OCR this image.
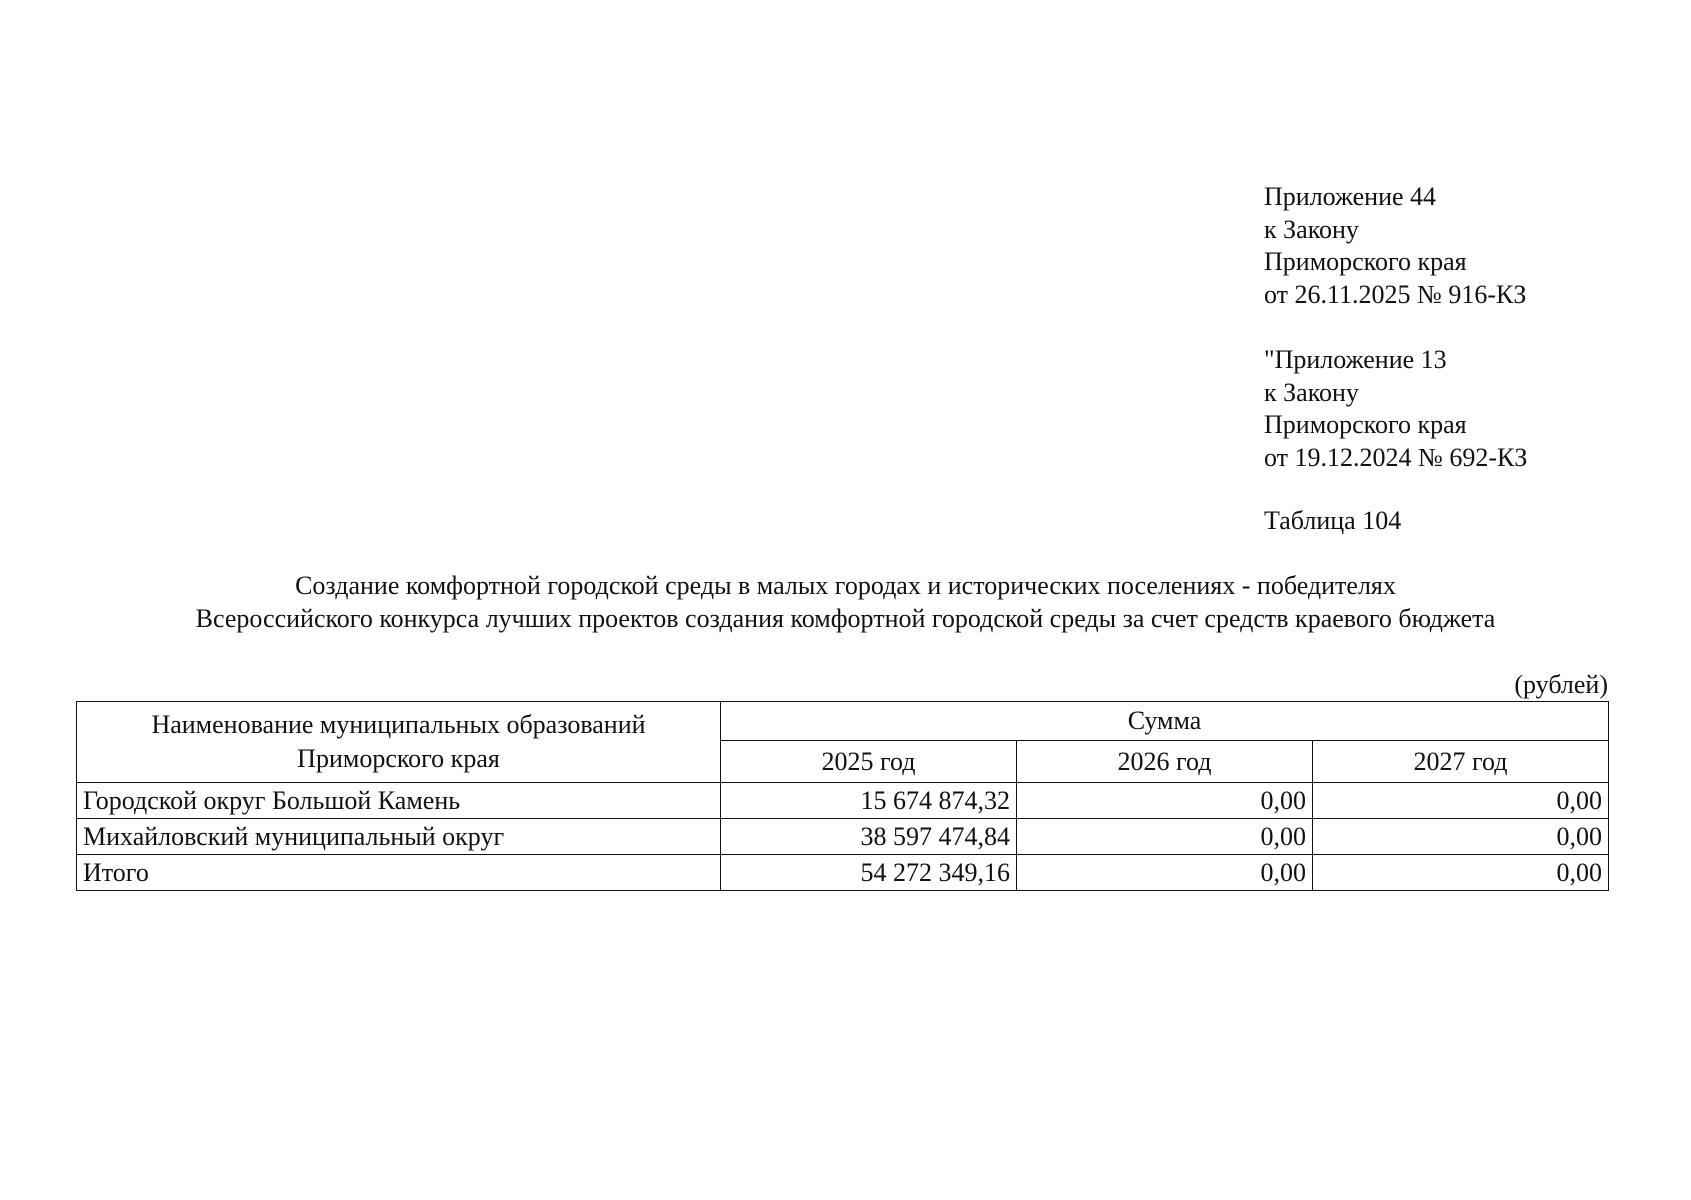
Приложение 44
к Закону
Приморского края
от 26.11.2025 № 916-КЗ
"Приложение 13
к Закону
Приморского края
от 19.12.2024 № 692-КЗ
Таблица 104
Создание комфортной городской среды в малых городах и исторических поселениях - победителях
Всероссийского конкурса лучших проектов создания комфортной городской среды за счет средств краевого бюджета
(рублей)
Наименование муниципальных образований
Приморского края	Сумма		
	2025 год	2026 год	2027 год
Городской округ Большой Камень	15 674 874,32	0,00	0,00
Михайловский муниципальный округ	38 597 474,84	0,00	0,00
Итого	54 272 349,16	0,00	0,00
